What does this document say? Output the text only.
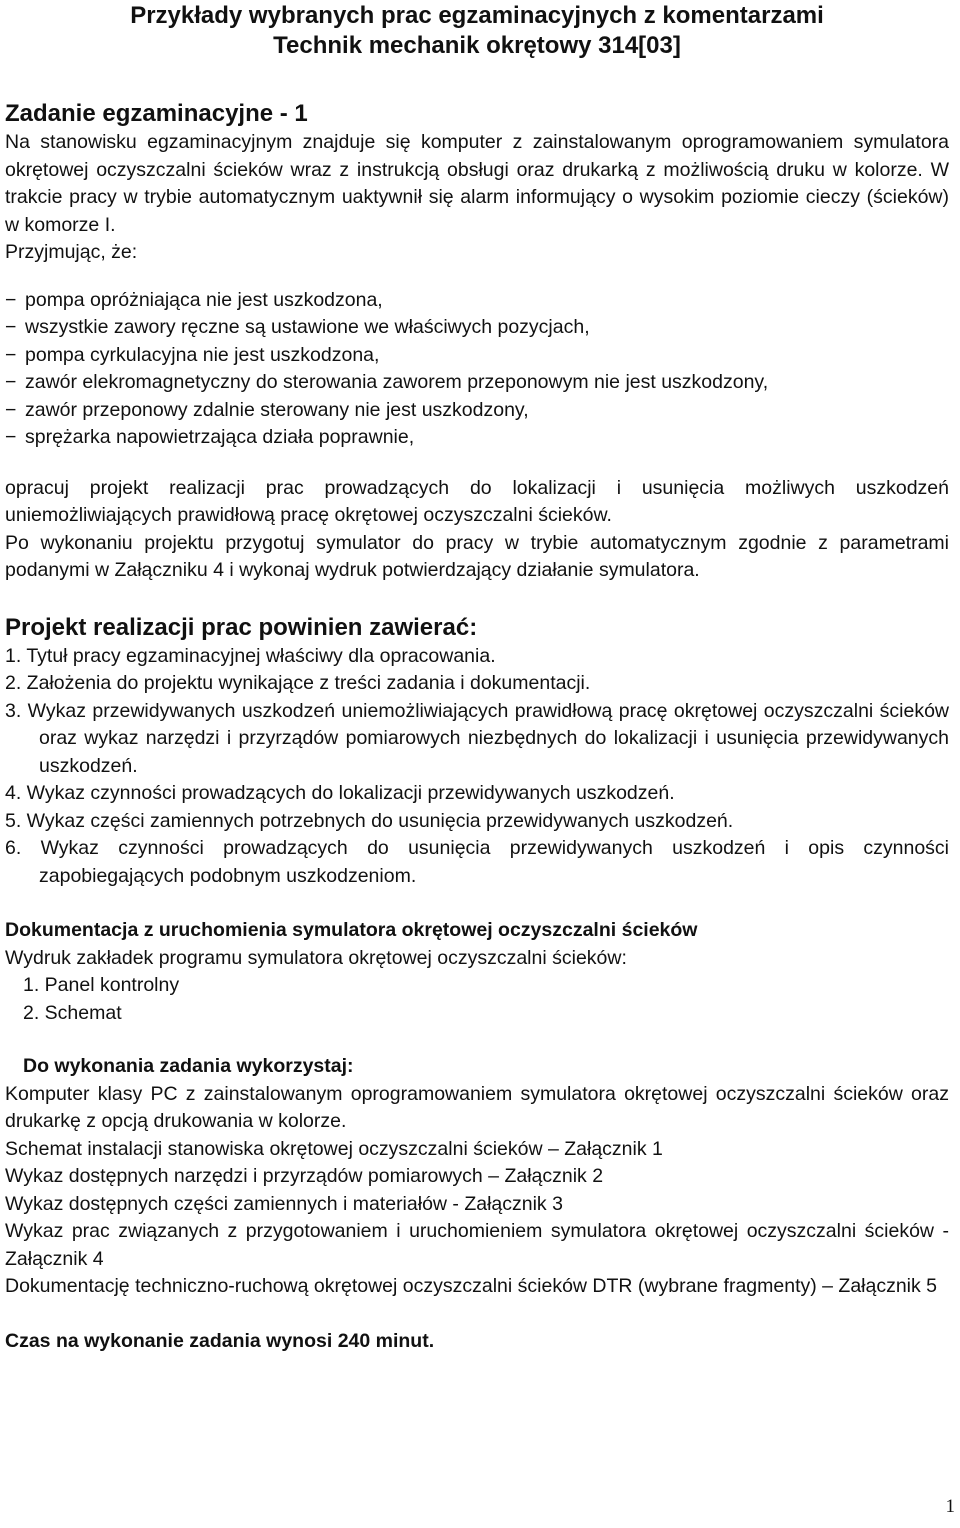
Przykłady wybranych prac egzaminacyjnych z komentarzami
Technik mechanik okrętowy 314[03]
Zadanie egzaminacyjne - 1

Na stanowisku egzaminacyjnym znajduje się komputer z zainstalowanym oprogramowaniem symulatora okrętowej oczyszczalni ścieków wraz z instrukcją obsługi oraz drukarką z możliwością druku w kolorze. W trakcie pracy w trybie automatycznym uaktywnił się alarm informujący o wysokim poziomie cieczy (ścieków) w komorze I.

Przyjmując, że:

− pompa opróżniająca nie jest uszkodzona,
− wszystkie zawory ręczne są ustawione we właściwych pozycjach,
− pompa cyrkulacyjna nie jest uszkodzona,
− zawór elekromagnetyczny do sterowania zaworem przeponowym nie jest uszkodzony,
− zawór przeponowy zdalnie sterowany nie jest uszkodzony,
− sprężarka napowietrzająca działa poprawnie,

opracuj projekt realizacji prac prowadzących do lokalizacji i usunięcia możliwych uszkodzeń uniemożliwiających prawidłową pracę okrętowej oczyszczalni ścieków.

Po wykonaniu projektu przygotuj symulator do pracy w trybie automatycznym zgodnie z parametrami podanymi w Załączniku 4 i wykonaj wydruk potwierdzający działanie symulatora.

Projekt realizacji prac powinien zawierać:
1. Tytuł pracy egzaminacyjnej właściwy dla opracowania.
2. Założenia do projektu wynikające z treści zadania i dokumentacji.
3. Wykaz przewidywanych uszkodzeń uniemożliwiających prawidłową pracę okrętowej oczyszczalni ścieków oraz wykaz narzędzi i przyrządów pomiarowych niezbędnych do lokalizacji i usunięcia przewidywanych uszkodzeń.
4. Wykaz czynności prowadzących do lokalizacji przewidywanych uszkodzeń.
5. Wykaz części zamiennych potrzebnych do usunięcia przewidywanych uszkodzeń.
6. Wykaz czynności prowadzących do usunięcia przewidywanych uszkodzeń i opis czynności zapobiegających podobnym uszkodzeniom.
Dokumentacja z uruchomienia symulatora okrętowej oczyszczalni ścieków

Wydruk zakładek programu symulatora okrętowej oczyszczalni ścieków:

1. Panel kontrolny
2. Schemat
Do wykonania zadania wykorzystaj:

Komputer klasy PC z zainstalowanym oprogramowaniem symulatora okrętowej oczyszczalni ścieków oraz drukarkę z opcją drukowania w kolorze.

Schemat instalacji stanowiska okrętowej oczyszczalni ścieków – Załącznik 1

Wykaz dostępnych narzędzi i przyrządów pomiarowych – Załącznik 2

Wykaz dostępnych części zamiennych i materiałów - Załącznik 3

Wykaz prac związanych z przygotowaniem i uruchomieniem symulatora okrętowej oczyszczalni ścieków - Załącznik 4

Dokumentację techniczno-ruchową okrętowej oczyszczalni ścieków DTR (wybrane fragmenty) – Załącznik 5

Czas na wykonanie zadania wynosi 240 minut.
1
